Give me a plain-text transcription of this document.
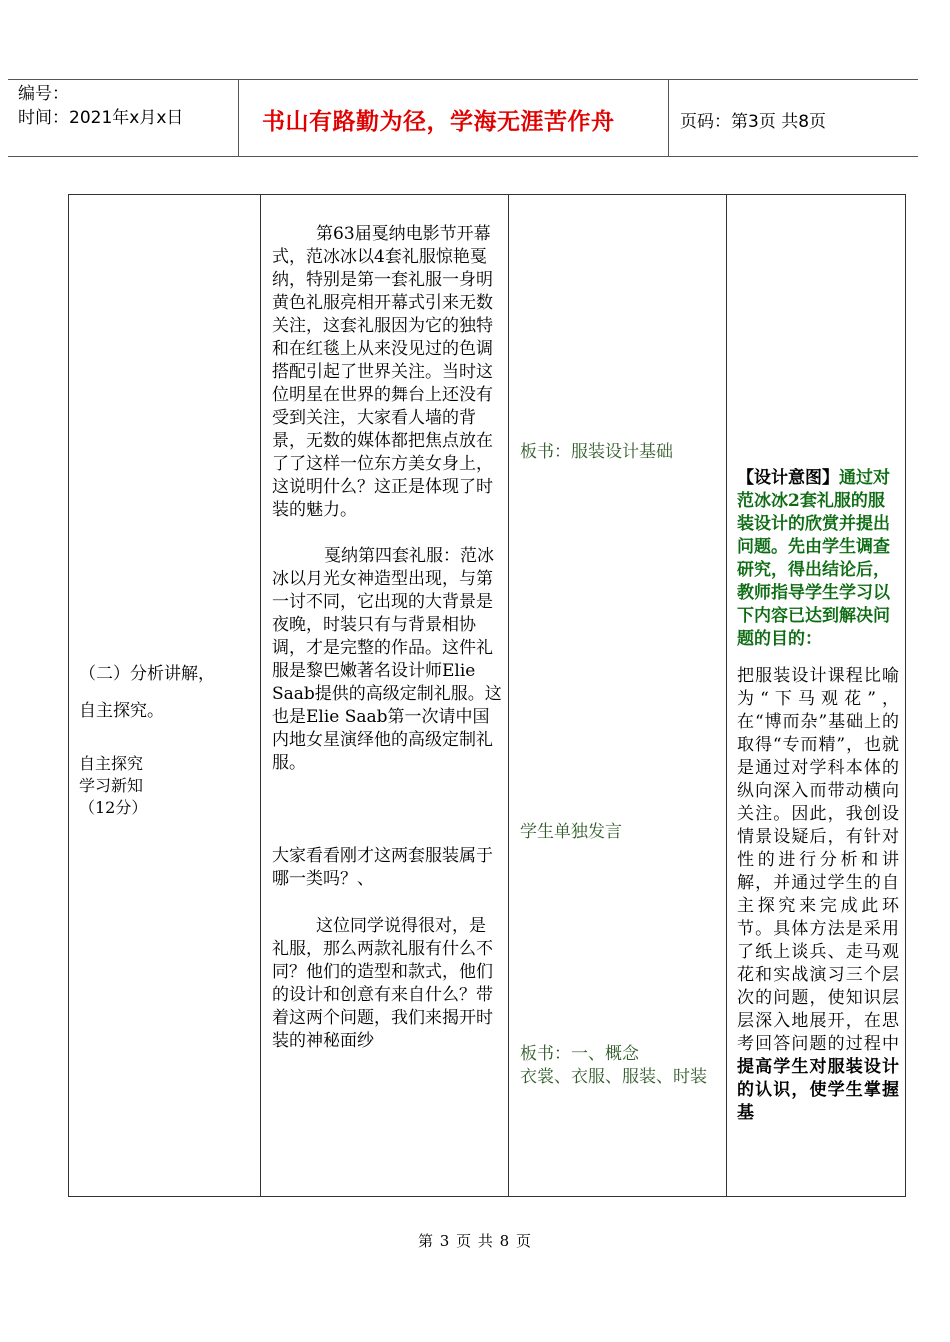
编号：
时间：2021年x月x日	书山有路勤为径，学海无涯苦作舟	页码：第3页 共8页

（二）分析讲解，

自主探究。

自主探究

学习新知

（12分）

第63届戛纳电影节开幕式，范冰冰以4套礼服惊艳戛纳，特别是第一套礼服一身明黄色礼服亮相开幕式引来无数关注，这套礼服因为它的独特和在红毯上从来没见过的色调搭配引起了世界关注。当时这位明星在世界的舞台上还没有受到关注，大家看人墙的背景，无数的媒体都把焦点放在了了这样一位东方美女身上，这说明什么？这正是体现了时装的魅力。

戛纳第四套礼服：范冰冰以月光女神造型出现，与第一讨不同，它出现的大背景是夜晚，时装只有与背景相协调，才是完整的作品。这件礼服是黎巴嫩著名设计师Elie Saab提供的高级定制礼服。这也是Elie Saab第一次请中国内地女星演绎他的高级定制礼服。

大家看看刚才这两套服装属于哪一类吗？、

这位同学说得很对，是礼服，那么两款礼服有什么不同？他们的造型和款式，他们的设计和创意有来自什么？带着这两个问题，我们来揭开时装的神秘面纱

板书：服装设计基础
学生单独发言
板书：一、概念
衣裳、衣服、服装、时装
【设计意图】通过对范冰冰2套礼服的服装设计的欣赏并提出问题。先由学生调查研究，得出结论后，教师指导学生学习以下内容已达到解决问题的目的：
把服装设计课程比喻为“下马观花”，在“博而杂”基础上的取得“专而精”，也就是通过对学科本体的纵向深入而带动横向关注。因此，我创设情景设疑后，有针对性的进行分析和讲解，并通过学生的自主探究来完成此环节。具体方法是采用了纸上谈兵、走马观花和实战演习三个层次的问题，使知识层层深入地展开，在思考回答问题的过程中提高学生对服装设计的认识，使学生掌握基
第 3 页 共 8 页
